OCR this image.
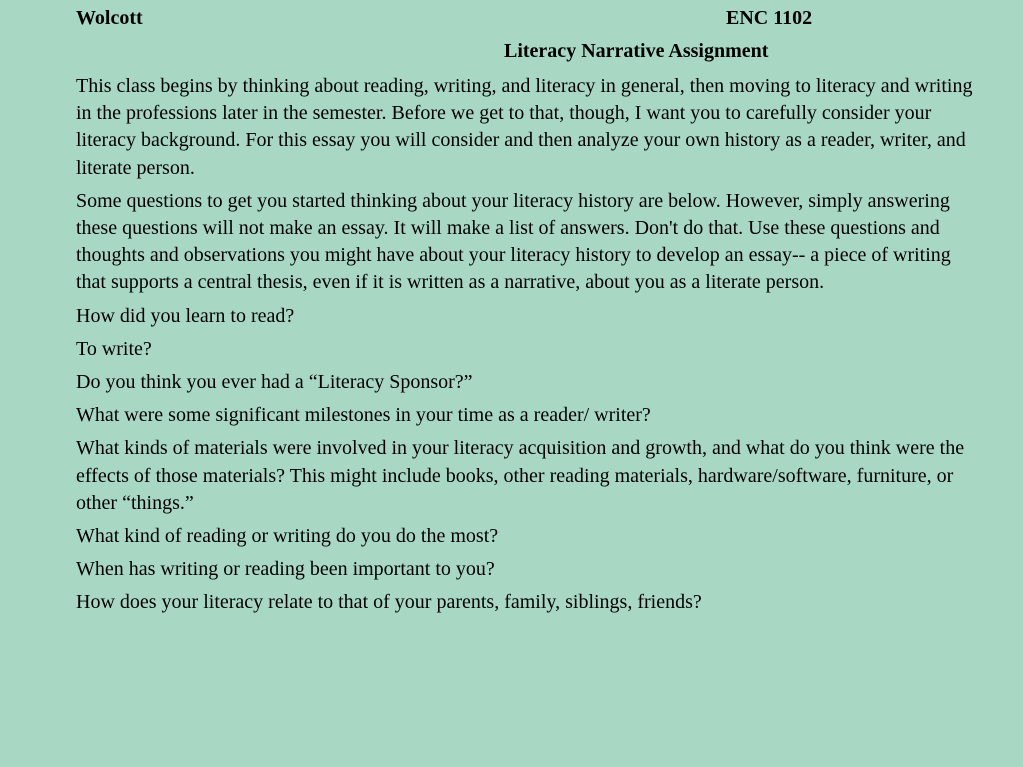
Wolcott	ENC 1102
Literacy Narrative Assignment

This class begins by thinking about reading, writing, and literacy in general, then moving to literacy and writing in the professions later in the semester. Before we get to that, though, I want you to carefully consider your literacy background. For this essay you will consider and then analyze your own history as a reader, writer, and literate person.

Some questions to get you started thinking about your literacy history are below. However, simply answering these questions will not make an essay. It will make a list of answers. Don't do that. Use these questions and thoughts and observations you might have about your literacy history to develop an essay-- a piece of writing that supports a central thesis, even if it is written as a narrative, about you as a literate person.

How did you learn to read?

To write?

Do you think you ever had a “Literacy Sponsor?”

What were some significant milestones in your time as a reader/ writer?

What kinds of materials were involved in your literacy acquisition and growth, and what do you think were the effects of those materials? This might include books, other reading materials, hardware/software, furniture, or other “things.”

What kind of reading or writing do you do the most?

When has writing or reading been important to you?

How does your literacy relate to that of your parents, family, siblings, friends?
